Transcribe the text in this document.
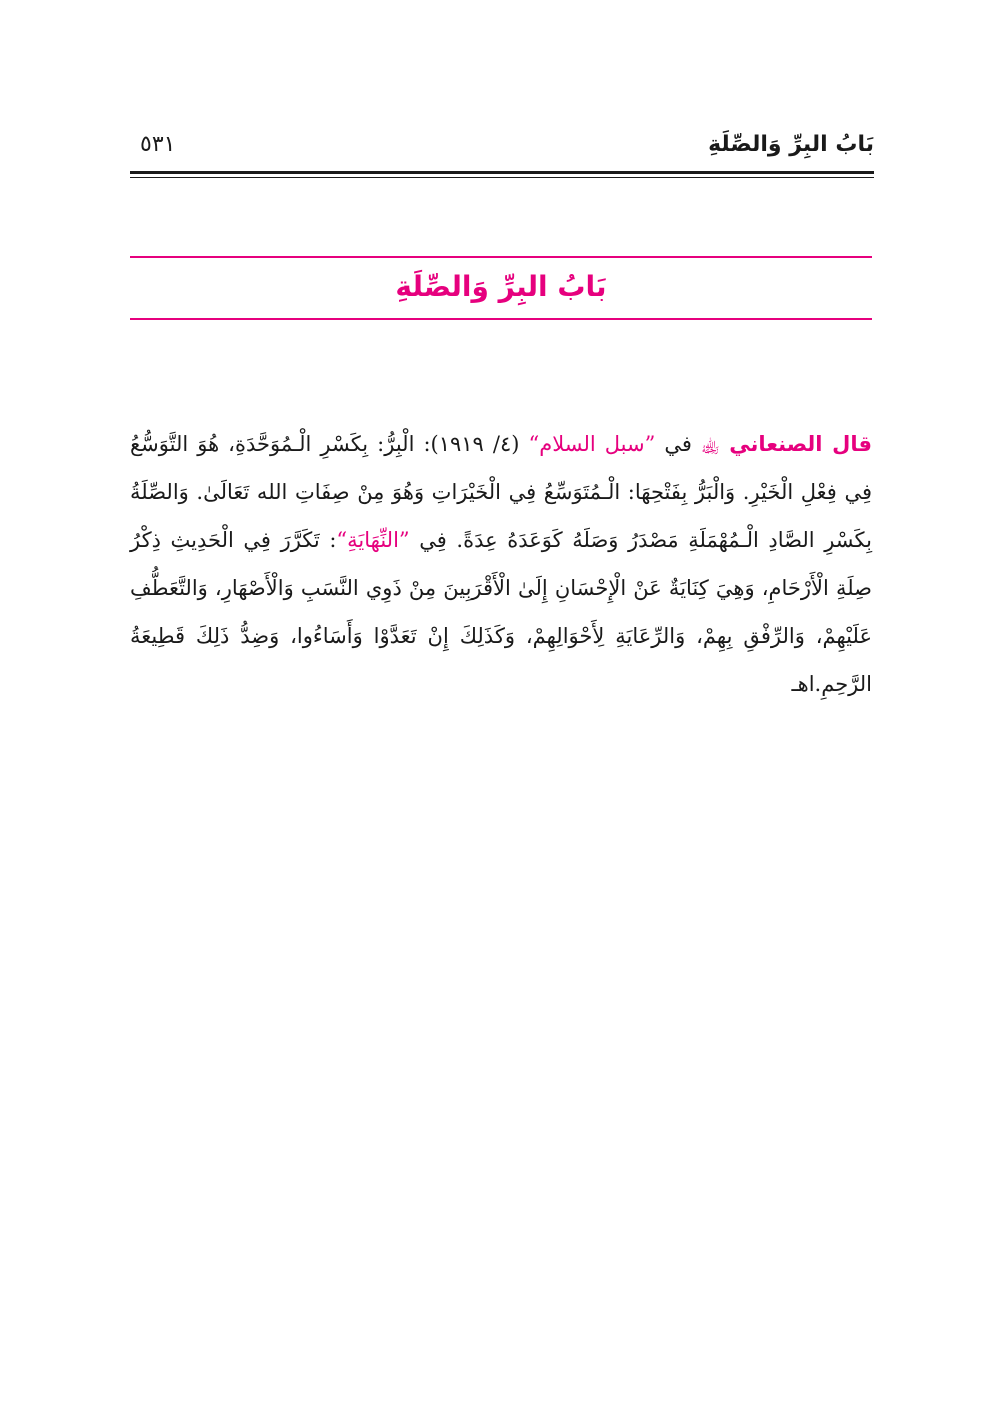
بَابُ البِرِّ وَالصِّلَةِ
٥٣١
بَابُ البِرِّ وَالصِّلَةِ

قال الصنعاني ﵀ في ”سبل السلام“ (٤/ ١٩١٩): الْبِرُّ: بِكَسْرِ الْـمُوَحَّدَةِ، هُوَ التَّوَسُّعُ فِي فِعْلِ الْخَيْرِ. وَالْبَرُّ بِفَتْحِهَا: الْـمُتَوَسِّعُ فِي الْخَيْرَاتِ وَهُوَ مِنْ صِفَاتِ الله تَعَالَىٰ. وَالصِّلَةُ بِكَسْرِ الصَّادِ الْـمُهْمَلَةِ مَصْدَرُ وَصَلَهُ كَوَعَدَهُ عِدَةً. فِي ”النِّهَايَةِ“: تَكَرَّرَ فِي الْحَدِيثِ ذِكْرُ صِلَةِ الْأَرْحَامِ، وَهِيَ كِنَايَةٌ عَنْ الْإِحْسَانِ إِلَىٰ الْأَقْرَبِينَ مِنْ ذَوِي النَّسَبِ وَالْأَصْهَارِ، وَالتَّعَطُّفِ عَلَيْهِمْ، وَالرِّفْقِ بِهِمْ، وَالرِّعَايَةِ لِأَحْوَالِهِمْ، وَكَذَلِكَ إِنْ تَعَدَّوْا وَأَسَاءُوا، وَضِدُّ ذَلِكَ قَطِيعَةُ الرَّحِمِ.اهـ
